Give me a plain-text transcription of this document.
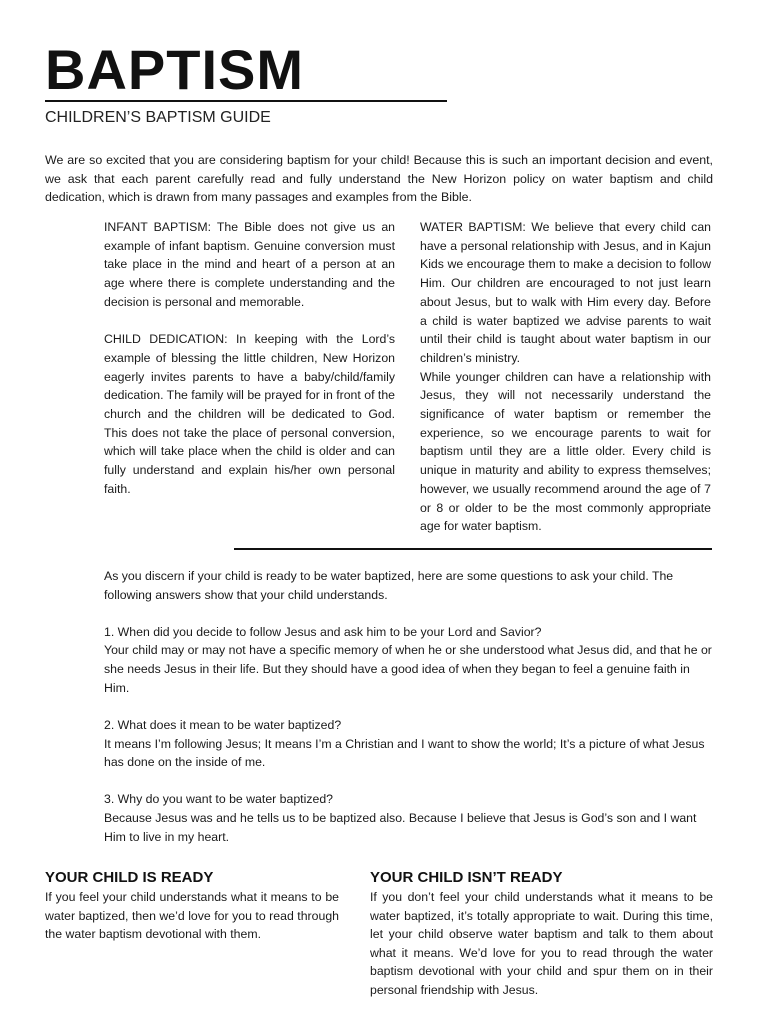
BAPTISM
CHILDREN’S BAPTISM GUIDE

We are so excited that you are considering baptism for your child! Because this is such an important decision and event, we ask that each parent carefully read and fully understand the New Horizon policy on water baptism and child dedication, which is drawn from many passages and examples from the Bible.

INFANT BAPTISM: The Bible does not give us an example of infant baptism. Genuine conversion must take place in the mind and heart of a person at an age where there is complete understanding and the decision is personal and memorable.

CHILD DEDICATION: In keeping with the Lord’s example of blessing the little children, New Horizon eagerly invites parents to have a baby/child/family dedication. The family will be prayed for in front of the church and the children will be dedicated to God. This does not take the place of personal conversion, which will take place when the child is older and can fully understand and explain his/her own personal faith.

WATER BAPTISM: We believe that every child can have a personal relationship with Jesus, and in Kajun Kids we encourage them to make a decision to follow Him. Our children are encouraged to not just learn about Jesus, but to walk with Him every day. Before a child is water baptized we advise parents to wait until their child is taught about water baptism in our children’s ministry.

While younger children can have a relationship with Jesus, they will not necessarily understand the significance of water baptism or remember the experience, so we encourage parents to wait for baptism until they are a little older. Every child is unique in maturity and ability to express themselves; however, we usually recommend around the age of 7 or 8 or older to be the most commonly appropriate age for water baptism.

As you discern if your child is ready to be water baptized, here are some questions to ask your child. The following answers show that your child understands.

1. When did you decide to follow Jesus and ask him to be your Lord and Savior?

Your child may or may not have a specific memory of when he or she understood what Jesus did, and that he or she needs Jesus in their life. But they should have a good idea of when they began to feel a genuine faith in Him.

2. What does it mean to be water baptized?

It means I’m following Jesus; It means I’m a Christian and I want to show the world; It’s a picture of what Jesus has done on the inside of me.

3. Why do you want to be water baptized?

Because Jesus was and he tells us to be baptized also. Because I believe that Jesus is God’s son and I want Him to live in my heart.

YOUR CHILD IS READY

If you feel your child understands what it means to be water baptized, then we’d love for you to read through the water baptism devotional with them.

YOUR CHILD ISN’T READY

If you don’t feel your child understands what it means to be water baptized, it’s totally appropriate to wait. During this time, let your child observe water baptism and talk to them about what it means. We’d love for you to read through the water baptism devotional with your child and spur them on in their personal friendship with Jesus.
